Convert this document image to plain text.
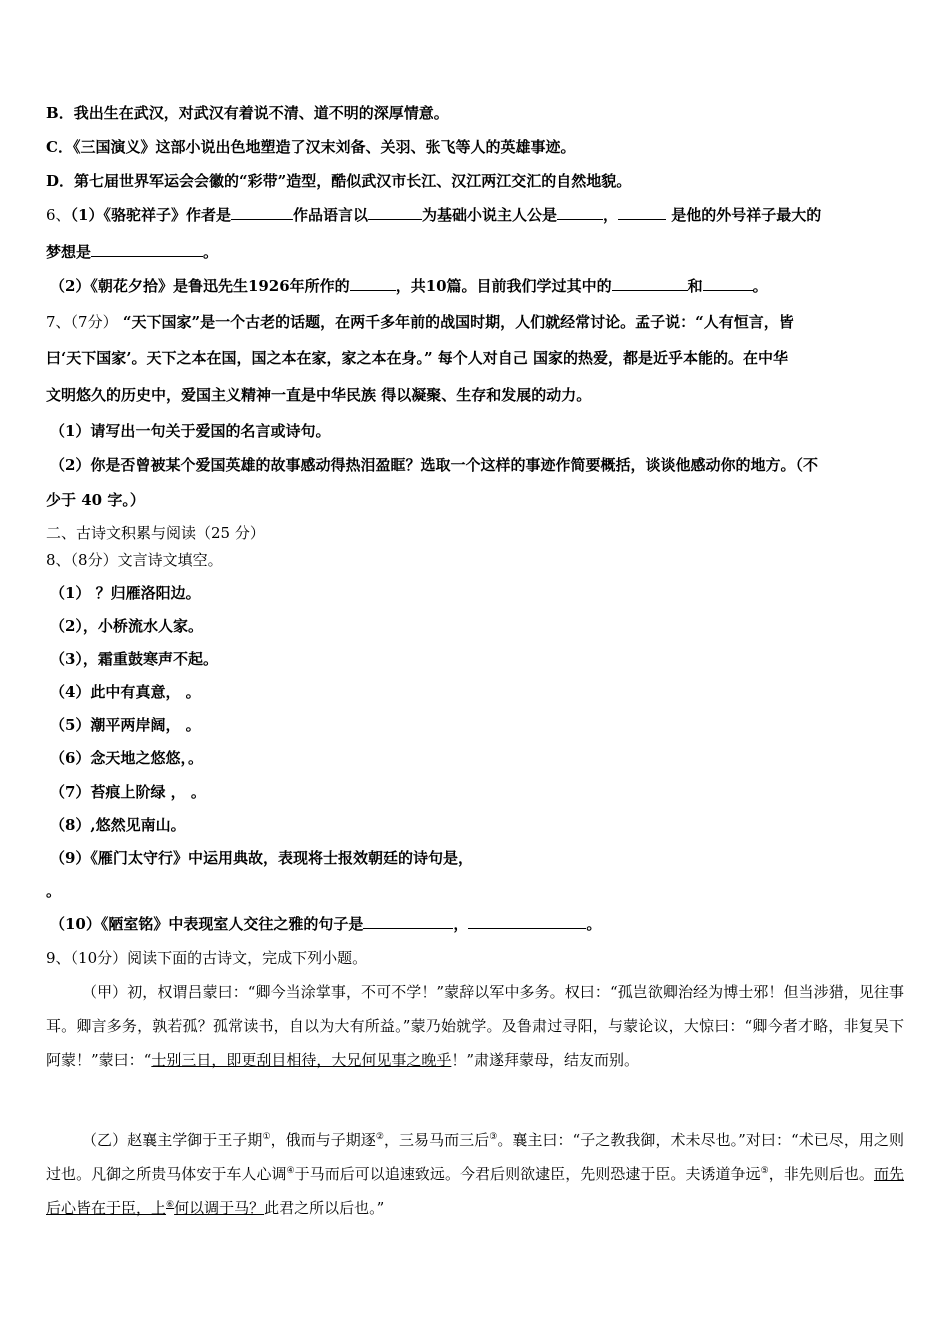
B．我出生在武汉，对武汉有着说不清、道不明的深厚情意。
C．《三国演义》这部小说出色地塑造了汉末刘备、关羽、张飞等人的英雄事迹。
D．第七届世界军运会会徽的“彩带”造型，酷似武汉市长江、汉江两江交汇的自然地貌。
6、（1）《骆驼祥子》作者是	作品语言以	为基础小说主人公是	，	是他的外号祥子最大的
梦想是	。
（2）《朝花夕拾》是鲁迅先生1926年所作的	，共10篇。目前我们学过其中的	和	。
7、（7分） “天下国家”是一个古老的话题，在两千多年前的战国时期，人们就经常讨论。孟子说：“人有恒言，皆
曰‘天下国家’。天下之本在国，国之本在家，家之本在身。” 每个人对自己 国家的热爱，都是近乎本能的。在中华
文明悠久的历史中，爱国主义精神一直是中华民族 得以凝聚、生存和发展的动力。
（1）请写出一句关于爱国的名言或诗句。
（2）你是否曾被某个爱国英雄的故事感动得热泪盈眶？选取一个这样的事迹作简要概括，谈谈他感动你的地方。（不
少于 40 字。）
二、古诗文积累与阅读（25 分）
8、（8分）文言诗文填空。
（1） ？归雁洛阳边。
（2），小桥流水人家。
（3），霜重鼓寒声不起。
（4）此中有真意， 。
（5）潮平两岸阔， 。
（6）念天地之悠悠，。
（7）苔痕上阶绿 ， 。
（8）,悠然见南山。
（9）《雁门太守行》中运用典故，表现将士报效朝廷的诗句是，
。
（10）《陋室铭》中表现室人交往之雅的句子是	，	。
9、（10分）阅读下面的古诗文，完成下列小题。
（甲）初，权谓吕蒙曰：“卿今当涂掌事，不可不学！”蒙辞以军中多务。权曰：“孤岂欲卿治经为博士邪！但当涉猎，见往事耳。卿言多务，孰若孤？孤常读书，自以为大有所益。”蒙乃始就学。及鲁肃过寻阳，与蒙论议，大惊曰：“卿今者才略，非复吴下阿蒙！”蒙曰：“士别三日，即更刮目相待，大兄何见事之晚乎！”肃遂拜蒙母，结友而别。
（乙）赵襄主学御于王子期①，俄而与子期逐②，三易马而三后③。襄主曰：“子之教我御，术未尽也。”对曰：“术已尽，用之则过也。凡御之所贵马体安于车人心调④于马而后可以追速致远。今君后则欲逮臣，先则恐逮于臣。夫诱道争远⑤，非先则后也。而先后心皆在于臣，上⑥何以调于马？此君之所以后也。”
